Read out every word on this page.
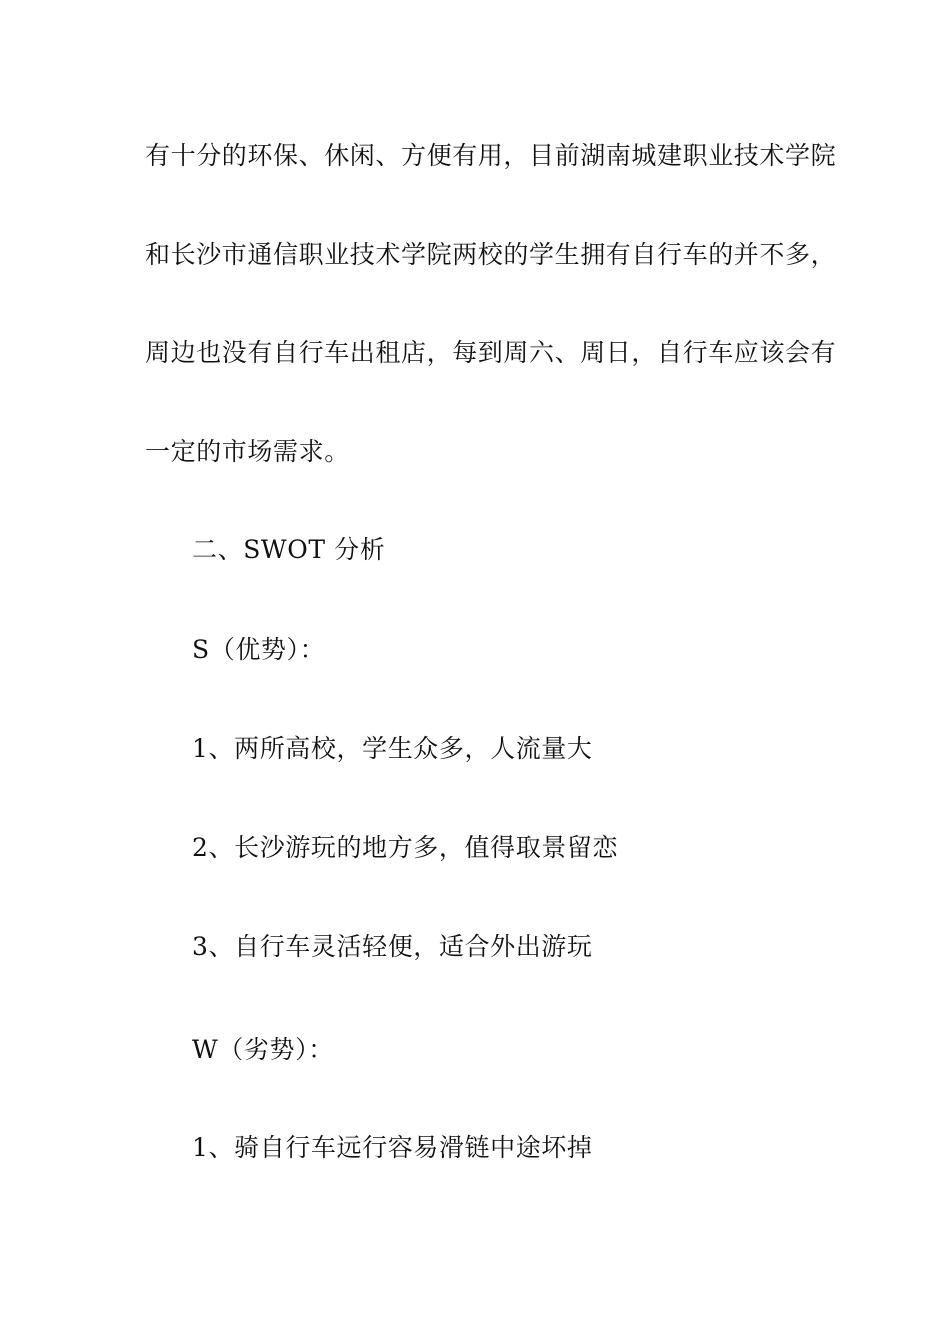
有十分的环保、休闲、方便有用，目前湖南城建职业技术学院
和长沙市通信职业技术学院两校的学生拥有自行车的并不多，
周边也没有自行车出租店，每到周六、周日，自行车应该会有
一定的市场需求。
二、SWOT 分析
S（优势）：
1、两所高校，学生众多，人流量大
2、长沙游玩的地方多，值得取景留恋
3、自行车灵活轻便，适合外出游玩
W（劣势）：
1、骑自行车远行容易滑链中途坏掉
